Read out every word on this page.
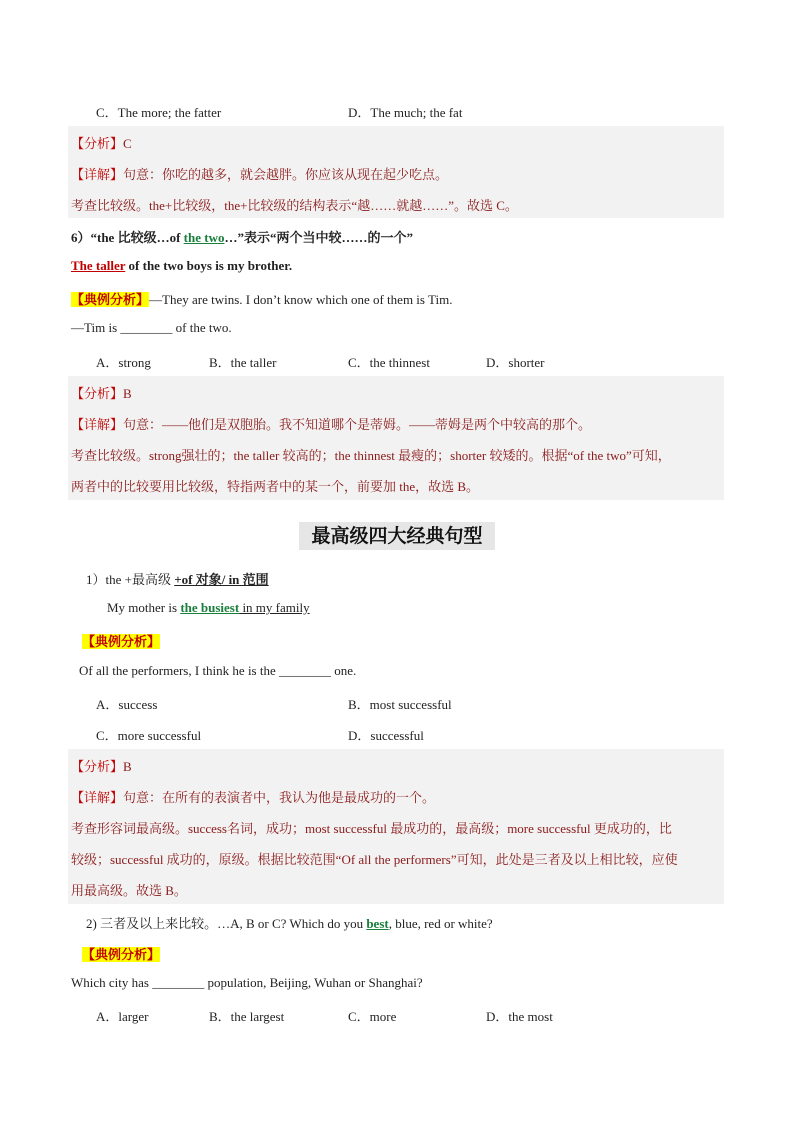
C．The more; the fatter	D．The much; the fat
【分析】C
【详解】句意：你吃的越多，就会越胖。你应该从现在起少吃点。
考查比较级。the+比较级，the+比较级的结构表示“越……就越……”。故选 C。
6）“the 比较级…of the two…”表示“两个当中较……的一个”
The taller of the two boys is my brother.
【典例分析】—They are twins. I don’t know which one of them is Tim.
—Tim is ________ of the two.
A．strong	B．the taller	C．the thinnest	D．shorter
【分析】B
【详解】句意：——他们是双胞胎。我不知道哪个是蒂姆。——蒂姆是两个中较高的那个。
考查比较级。strong强壮的；the taller 较高的；the thinnest 最瘦的；shorter 较矮的。根据“of the two”可知，
两者中的比较要用比较级，特指两者中的某一个，前要加 the，故选 B。
最高级四大经典句型
1）the +最高级 +of 对象/ in 范围
My mother is the busiest in my family
【典例分析】
Of all the performers, I think he is the ________ one.
A．success	B．most successful
C．more successful	D．successful
【分析】B
【详解】句意：在所有的表演者中，我认为他是最成功的一个。
考查形容词最高级。success名词，成功；most successful 最成功的，最高级；more successful 更成功的，比
较级；successful 成功的，原级。根据比较范围“Of all the performers”可知，此处是三者及以上相比较，应使
用最高级。故选 B。
2) 三者及以上来比较。…A, B or C? Which do you best, blue, red or white?
【典例分析】
Which city has ________ population, Beijing, Wuhan or Shanghai?
A．larger	B．the largest	C．more	D．the most
